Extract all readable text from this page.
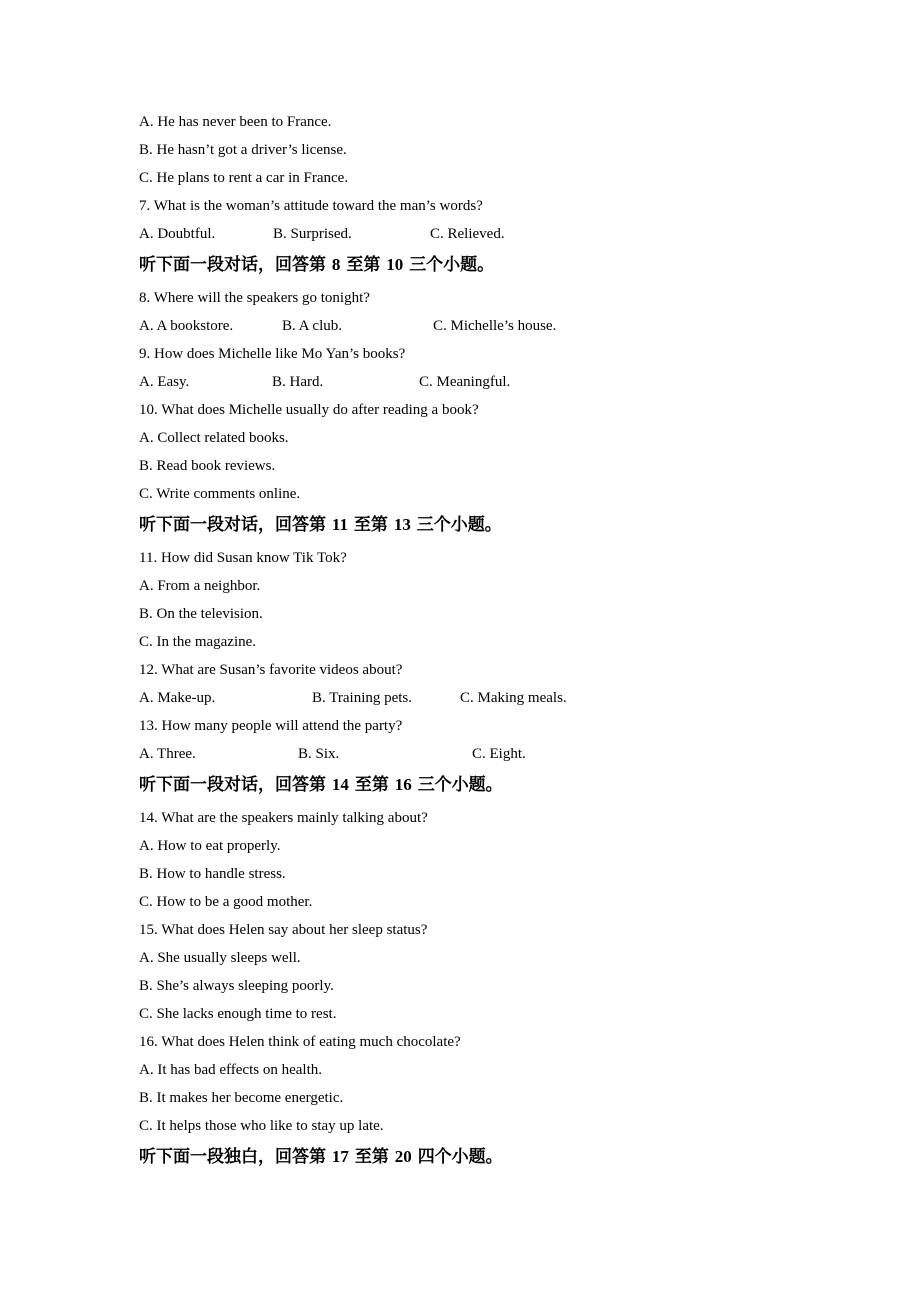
A. He has never been to France.
B. He hasn’t got a driver’s license.
C. He plans to rent a car in France.
7. What is the woman’s attitude toward the man’s words?
A. Doubtful.	B. Surprised.	C. Relieved.
听下面一段对话，回答第 8 至第 10 三个小题。
8. Where will the speakers go tonight?
A. A bookstore.	B. A club.	C. Michelle’s house.
9. How does Michelle like Mo Yan’s books?
A. Easy.	B. Hard.	C. Meaningful.
10. What does Michelle usually do after reading a book?
A. Collect related books.
B. Read book reviews.
C. Write comments online.
听下面一段对话，回答第 11 至第 13 三个小题。
11. How did Susan know Tik Tok?
A. From a neighbor.
B. On the television.
C. In the magazine.
12. What are Susan’s favorite videos about?
A. Make-up.	B. Training pets.	C. Making meals.
13. How many people will attend the party?
A. Three.	B. Six.	C. Eight.
听下面一段对话，回答第 14 至第 16 三个小题。
14. What are the speakers mainly talking about?
A. How to eat properly.
B. How to handle stress.
C. How to be a good mother.
15. What does Helen say about her sleep status?
A. She usually sleeps well.
B. She’s always sleeping poorly.
C. She lacks enough time to rest.
16. What does Helen think of eating much chocolate?
A. It has bad effects on health.
B. It makes her become energetic.
C. It helps those who like to stay up late.
听下面一段独白，回答第 17 至第 20 四个小题。
